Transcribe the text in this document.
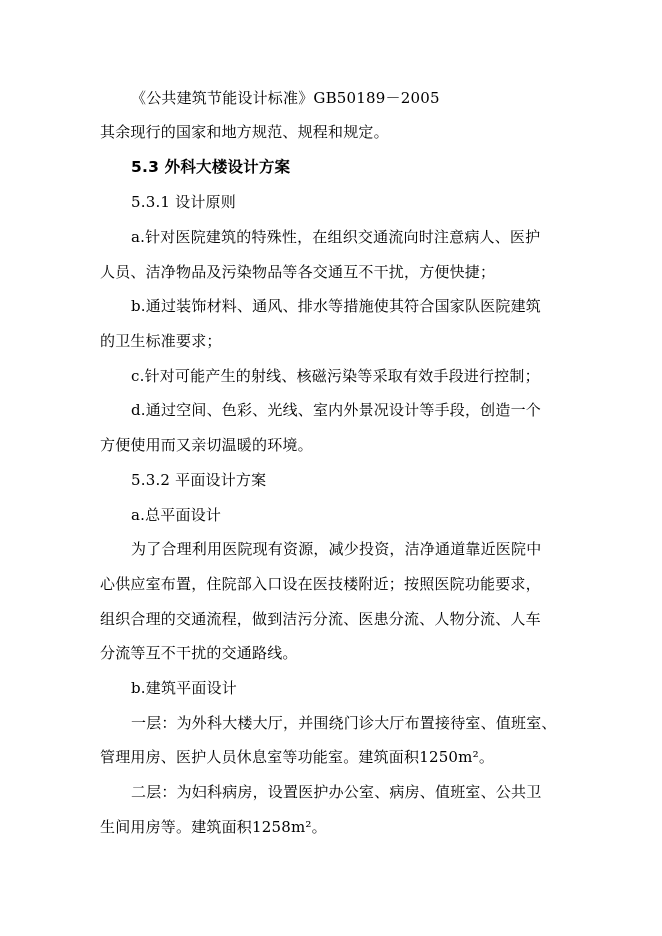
《公共建筑节能设计标准》GB50189－2005
其余现行的国家和地方规范、规程和规定。
5.3 外科大楼设计方案
5.3.1 设计原则
a.针对医院建筑的特殊性，在组织交通流向时注意病人、医护
人员、洁净物品及污染物品等各交通互不干扰，方便快捷；
b.通过装饰材料、通风、排水等措施使其符合国家队医院建筑
的卫生标准要求；
c.针对可能产生的射线、核磁污染等采取有效手段进行控制；
d.通过空间、色彩、光线、室内外景况设计等手段，创造一个
方便使用而又亲切温暖的环境。
5.3.2 平面设计方案
a.总平面设计
为了合理利用医院现有资源，减少投资，洁净通道靠近医院中
心供应室布置，住院部入口设在医技楼附近；按照医院功能要求，
组织合理的交通流程，做到洁污分流、医患分流、人物分流、人车
分流等互不干扰的交通路线。
b.建筑平面设计
一层：为外科大楼大厅，并围绕门诊大厅布置接待室、值班室、
管理用房、医护人员休息室等功能室。建筑面积1250m²。
二层：为妇科病房，设置医护办公室、病房、值班室、公共卫
生间用房等。建筑面积1258m²。
